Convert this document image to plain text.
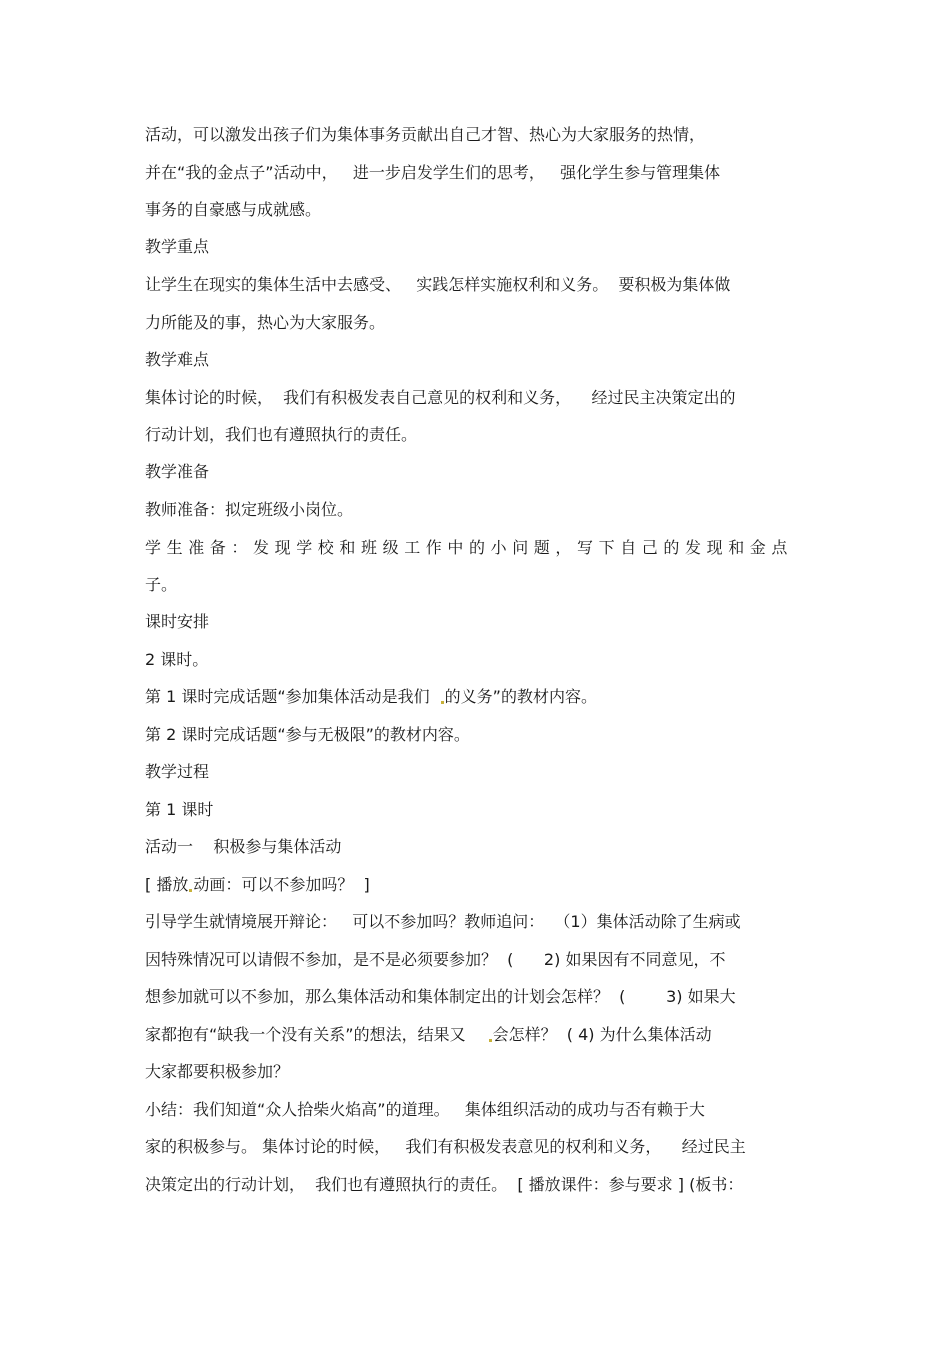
活动，可以激发出孩子们为集体事务贡献出自己才智、热心为大家服务的热情，
并在“我的金点子”活动中，   进一步启发学生们的思考，   强化学生参与管理集体
事务的自豪感与成就感。
教学重点
让学生在现实的集体生活中去感受、   实践怎样实施权利和义务。  要积极为集体做
力所能及的事，热心为大家服务。
教学难点
集体讨论的时候，  我们有积极发表自己意见的权利和义务，    经过民主决策定出的
行动计划，我们也有遵照执行的责任。
教学准备
教师准备：拟定班级小岗位。
学生准备：发现学校和班级工作中的小问题，写下自己的发现和金点
子。
课时安排
2 课时。
第 1 课时完成话题“参加集体活动是我们 的义务”的教材内容。
第 2 课时完成话题“参与无极限”的教材内容。
教学过程
第 1 课时
活动一    积极参与集体活动
[ 播放 动画：可以不参加吗？  ]
引导学生就情境展开辩论：   可以不参加吗？教师追问：  （1）集体活动除了生病或
因特殊情况可以请假不参加，是不是必须要参加？  (      2) 如果因有不同意见，不
想参加就可以不参加，那么集体活动和集体制定出的计划会怎样？  (        3) 如果大
家都抱有“缺我一个没有关系”的想法，结果又 会怎样？  ( 4) 为什么集体活动
大家都要积极参加？
小结：我们知道“众人拾柴火焰高”的道理。   集体组织活动的成功与否有赖于大
家的积极参与。 集体讨论的时候，   我们有积极发表意见的权利和义务，    经过民主
决策定出的行动计划，  我们也有遵照执行的责任。  [ 播放课件：参与要求 ] (板书：
